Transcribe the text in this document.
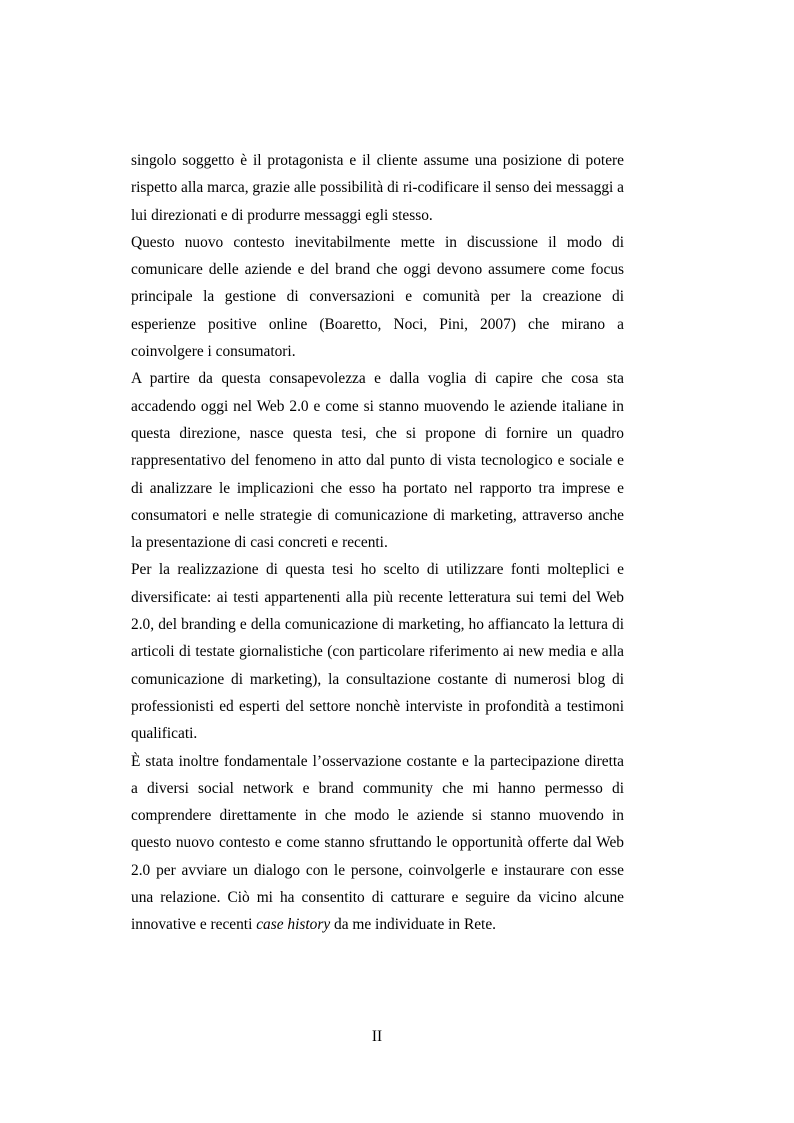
singolo soggetto è il protagonista e il cliente assume una posizione di potere rispetto alla marca, grazie alle possibilità di ri-codificare il senso dei messaggi a lui direzionati e di produrre messaggi egli stesso.

Questo nuovo contesto inevitabilmente mette in discussione il modo di comunicare delle aziende e del brand che oggi devono assumere come focus principale la gestione di conversazioni e comunità per la creazione di esperienze positive online (Boaretto, Noci, Pini, 2007) che mirano a coinvolgere i consumatori.

A partire da questa consapevolezza e dalla voglia di capire che cosa sta accadendo oggi nel Web 2.0 e come si stanno muovendo le aziende italiane in questa direzione, nasce questa tesi, che si propone di fornire un quadro rappresentativo del fenomeno in atto dal punto di vista tecnologico e sociale e di analizzare le implicazioni che esso ha portato nel rapporto tra imprese e consumatori e nelle strategie di comunicazione di marketing, attraverso anche la presentazione di casi concreti e recenti.

Per la realizzazione di questa tesi ho scelto di utilizzare fonti molteplici e diversificate: ai testi appartenenti alla più recente letteratura sui temi del Web 2.0, del branding e della comunicazione di marketing, ho affiancato la lettura di articoli di testate giornalistiche (con particolare riferimento ai new media e alla comunicazione di marketing), la consultazione costante di numerosi blog di professionisti ed esperti del settore nonchè interviste in profondità a testimoni qualificati.

È stata inoltre fondamentale l’osservazione costante e la partecipazione diretta a diversi social network e brand community che mi hanno permesso di comprendere direttamente in che modo le aziende si stanno muovendo in questo nuovo contesto e come stanno sfruttando le opportunità offerte dal Web 2.0 per avviare un dialogo con le persone, coinvolgerle e instaurare con esse una relazione. Ciò mi ha consentito di catturare e seguire da vicino alcune innovative e recenti case history da me individuate in Rete.

II
